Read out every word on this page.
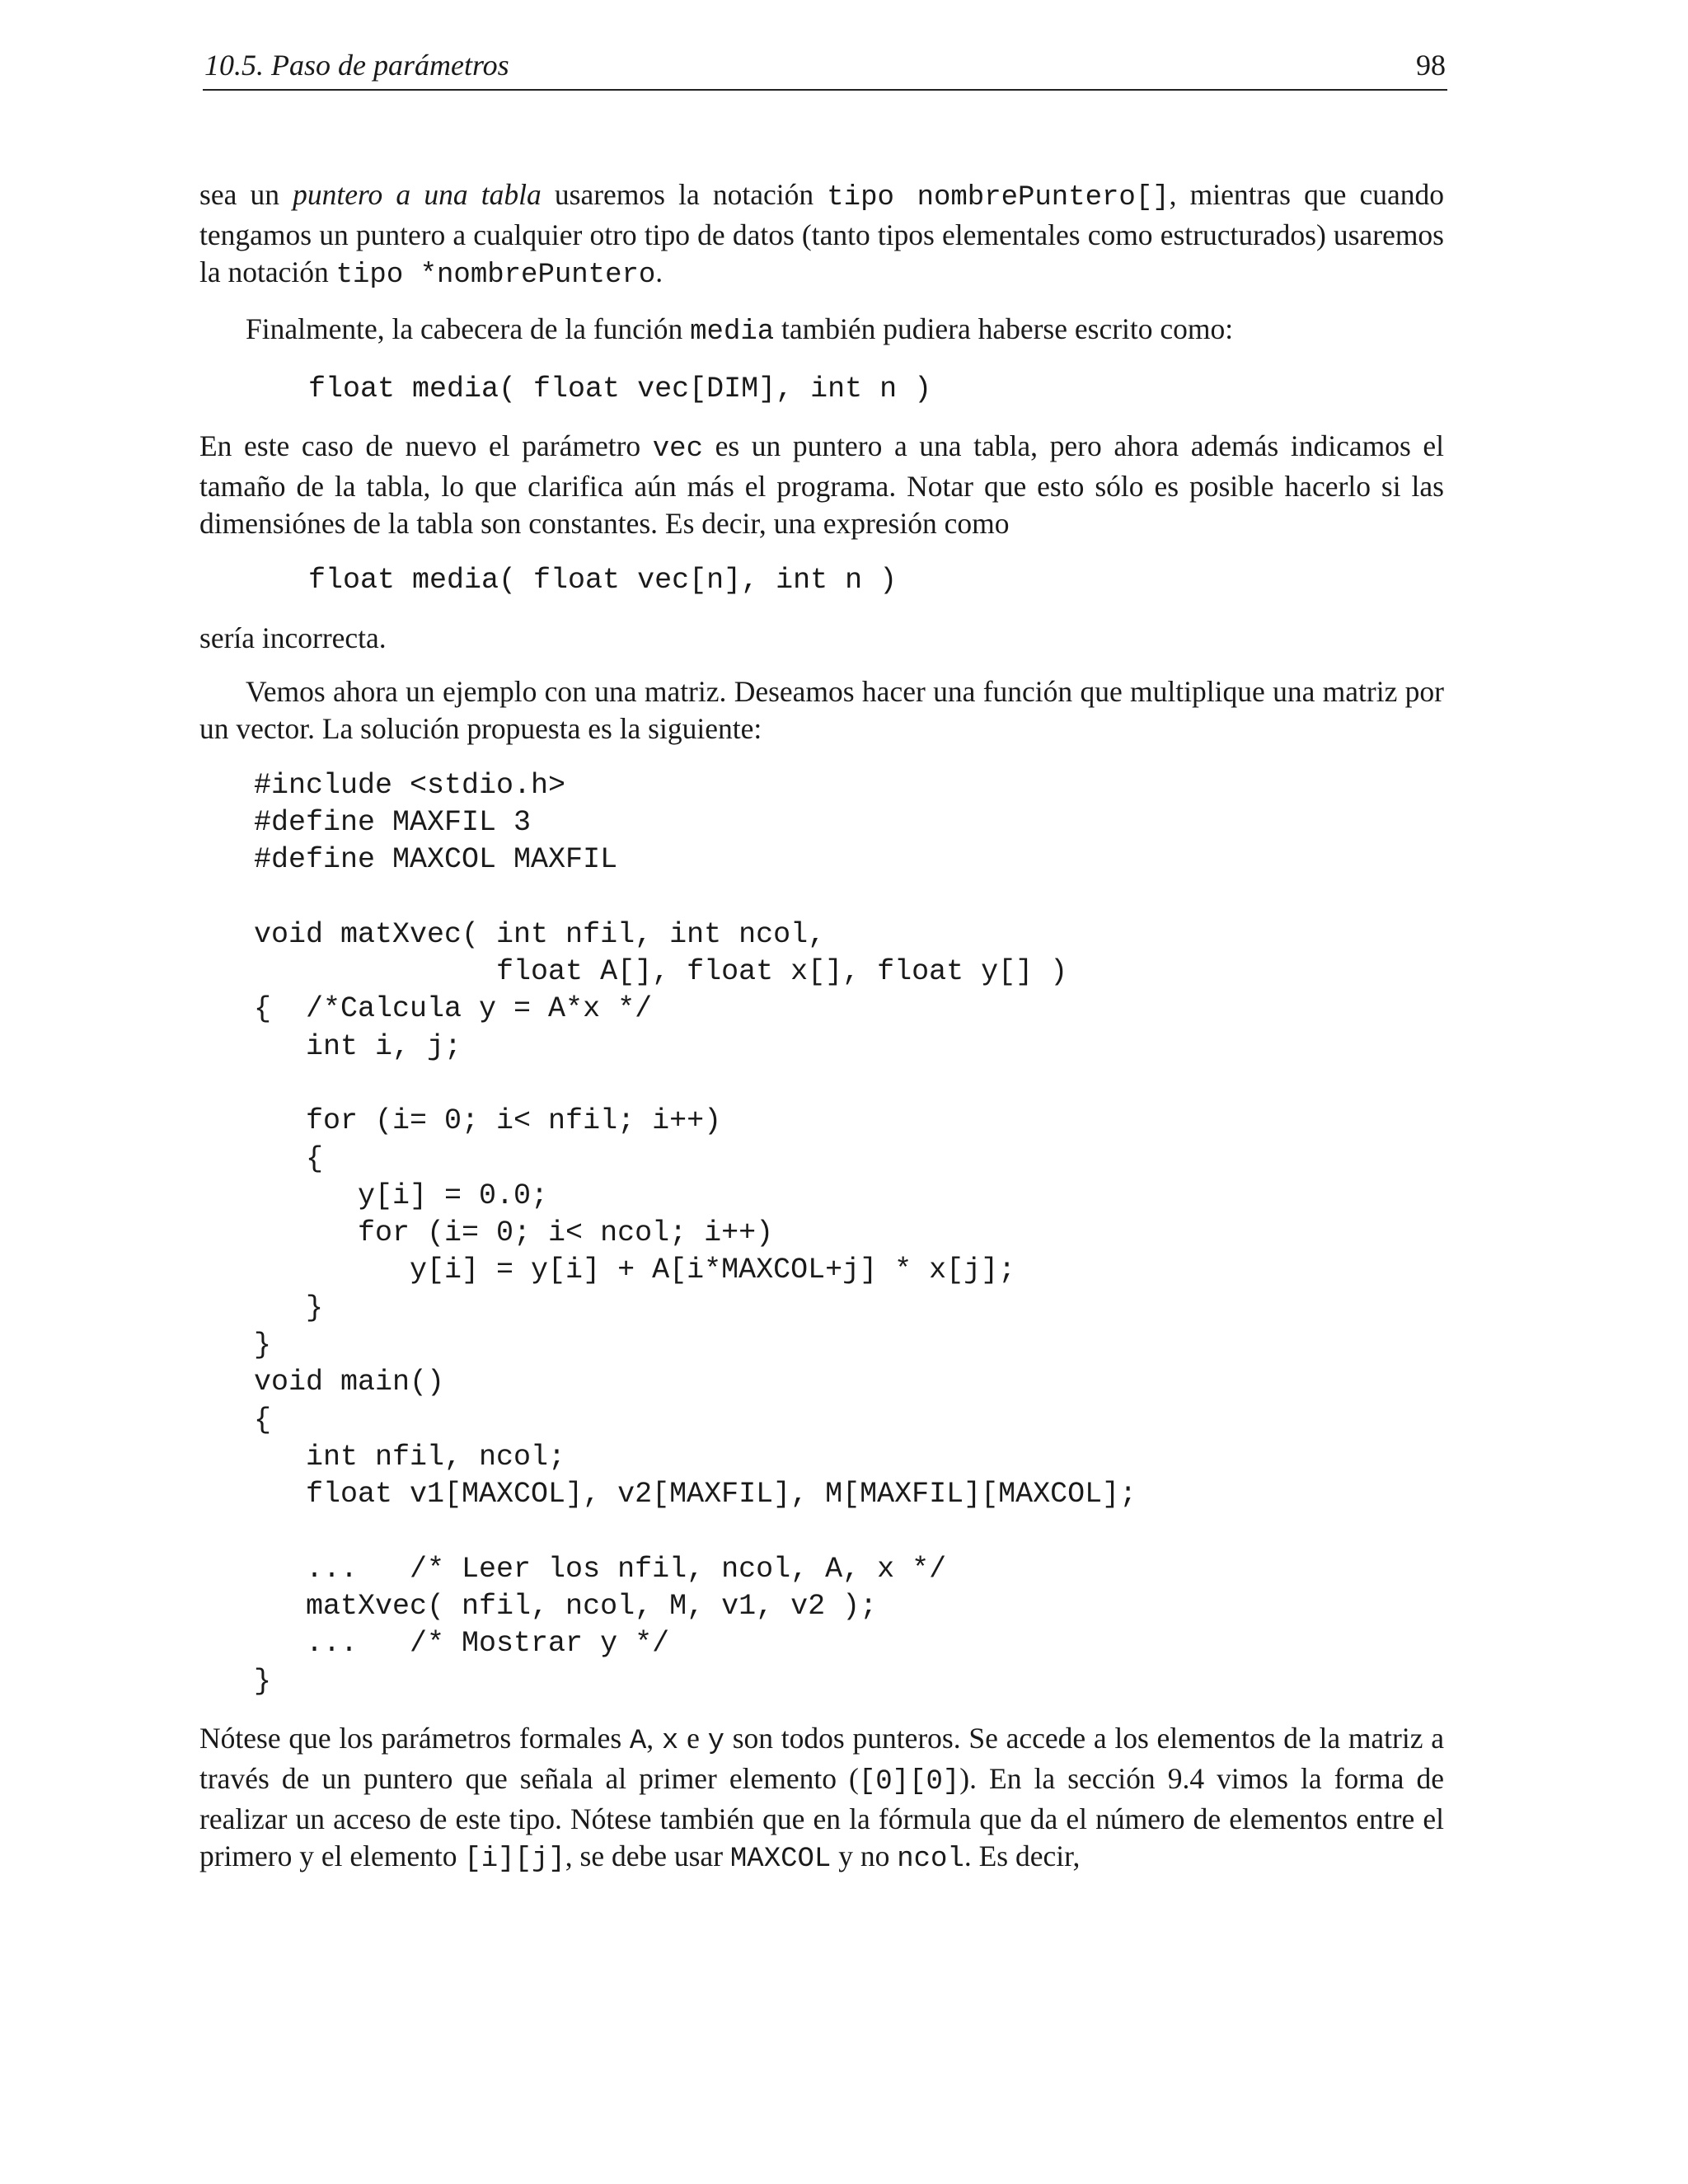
10.5. Paso de parámetros	98

sea un puntero a una tabla usaremos la notación tipo nombrePuntero[], mientras que cuando tengamos un puntero a cualquier otro tipo de datos (tanto tipos elementales como estructurados) usaremos la notación tipo *nombrePuntero.

Finalmente, la cabecera de la función media también pudiera haberse escrito como:

float media( float vec[DIM], int n )

En este caso de nuevo el parámetro vec es un puntero a una tabla, pero ahora además indicamos el tamaño de la tabla, lo que clarifica aún más el programa. Notar que esto sólo es posible hacerlo si las dimensiónes de la tabla son constantes. Es decir, una expresión como

float media( float vec[n], int n )

sería incorrecta.

Vemos ahora un ejemplo con una matriz. Deseamos hacer una función que multiplique una matriz por un vector. La solución propuesta es la siguiente:

#include <stdio.h>
#define MAXFIL 3
#define MAXCOL MAXFIL
void matXvec( int nfil, int ncol,
float A[], float x[], float y[] )
{  /*Calcula y = A*x */
int i, j;
for (i= 0; i< nfil; i++)
{
y[i] = 0.0;
for (i= 0; i< ncol; i++)
y[i] = y[i] + A[i*MAXCOL+j] * x[j];
}
}
void main()
{
int nfil, ncol;
float v1[MAXCOL], v2[MAXFIL], M[MAXFIL][MAXCOL];
...   /* Leer los nfil, ncol, A, x */
matXvec( nfil, ncol, M, v1, v2 );
...   /* Mostrar y */
}

Nótese que los parámetros formales A, x e y son todos punteros. Se accede a los elementos de la matriz a través de un puntero que señala al primer elemento ([0][0]). En la sección 9.4 vimos la forma de realizar un acceso de este tipo. Nótese también que en la fórmula que da el número de elementos entre el primero y el elemento [i][j], se debe usar MAXCOL y no ncol. Es decir,
